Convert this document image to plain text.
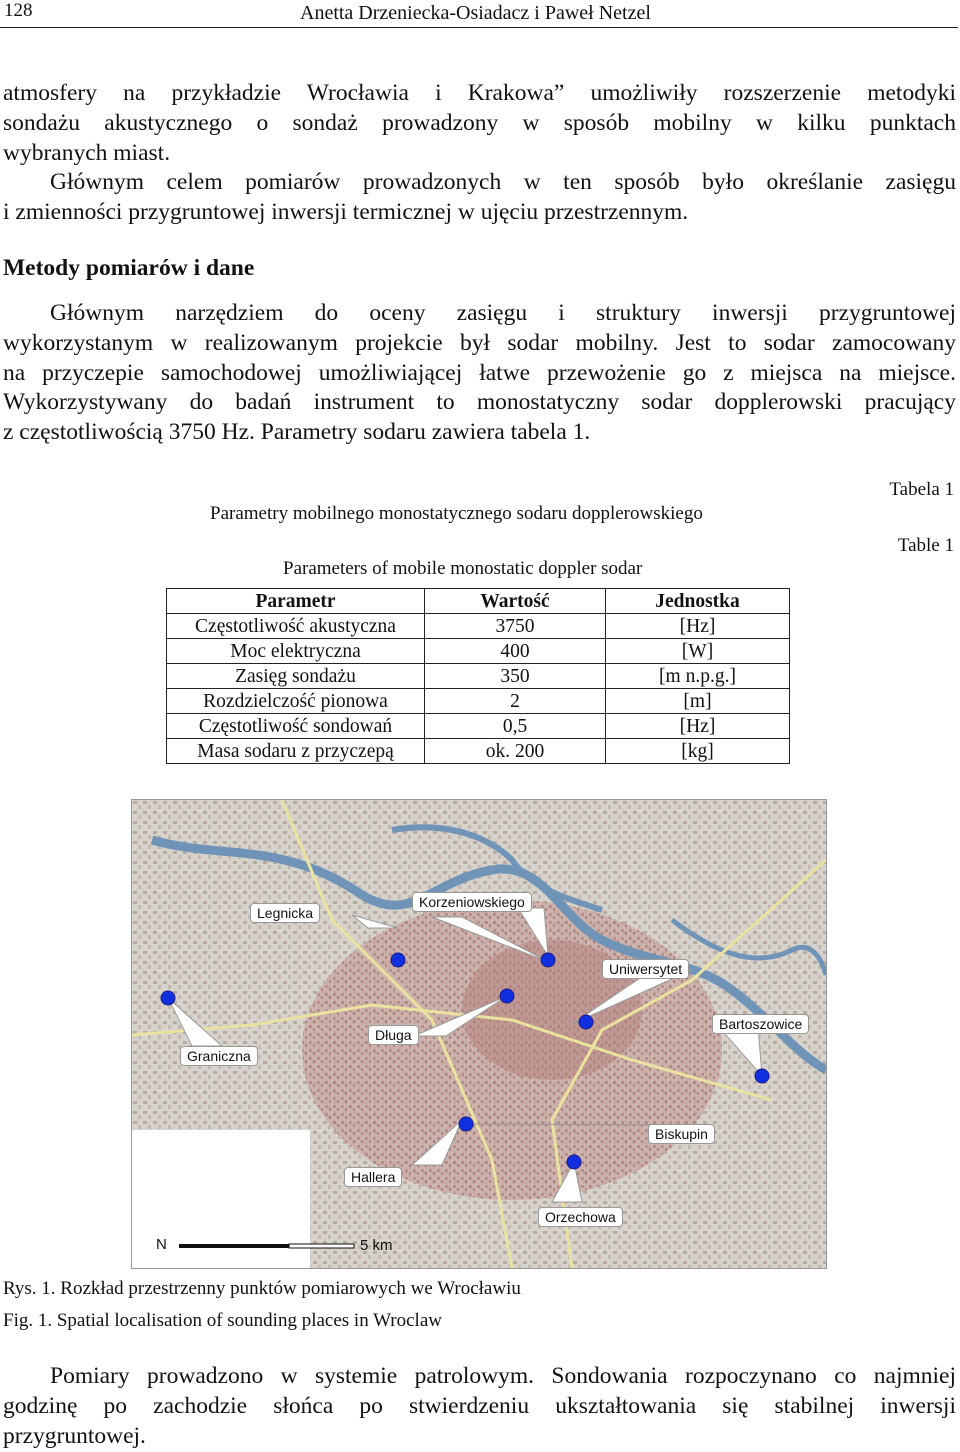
128	Anetta Drzeniecka-Osiadacz i Paweł Netzel
atmosfery na przykładzie Wrocławia i Krakowa” umożliwiły rozszerzenie metodyki
sondażu akustycznego o sondaż prowadzony w sposób mobilny w kilku punktach
wybranych miast.
Głównym celem pomiarów prowadzonych w ten sposób było określanie zasięgu
i zmienności przygruntowej inwersji termicznej w ujęciu przestrzennym.
Metody pomiarów i dane
Głównym narzędziem do oceny zasięgu i struktury inwersji przygruntowej
wykorzystanym w realizowanym projekcie był sodar mobilny. Jest to sodar zamocowany
na przyczepie samochodowej umożliwiającej łatwe przewożenie go z miejsca na miejsce.
Wykorzystywany do badań instrument to monostatyczny sodar dopplerowski pracujący
z częstotliwością 3750 Hz. Parametry sodaru zawiera tabela 1.
Tabela 1
Table 1
Parametry mobilnego monostatycznego sodaru dopplerowskiego
Parameters of mobile monostatic doppler sodar
Parametr	Wartość	Jednostka
Częstotliwość akustyczna	3750	[Hz]
Moc elektryczna	400	[W]
Zasięg sondażu	350	[m n.p.g.]
Rozdzielczość pionowa	2	[m]
Częstotliwość sondowań	0,5	[Hz]
Masa sodaru z przyczepą	ok. 200	[kg]
Legnicka
Korzeniowskiego
Uniwersytet
Bartoszowice
Długa
Graniczna
Biskupin
Hallera
Orzechowa
N	5 km
Rys. 1. Rozkład przestrzenny punktów pomiarowych we Wrocławiu
Fig. 1. Spatial localisation of sounding places in Wroclaw
Pomiary prowadzono w systemie patrolowym. Sondowania rozpoczynano co najmniej
godzinę po zachodzie słońca po stwierdzeniu ukształtowania się stabilnej inwersji
przygruntowej.
